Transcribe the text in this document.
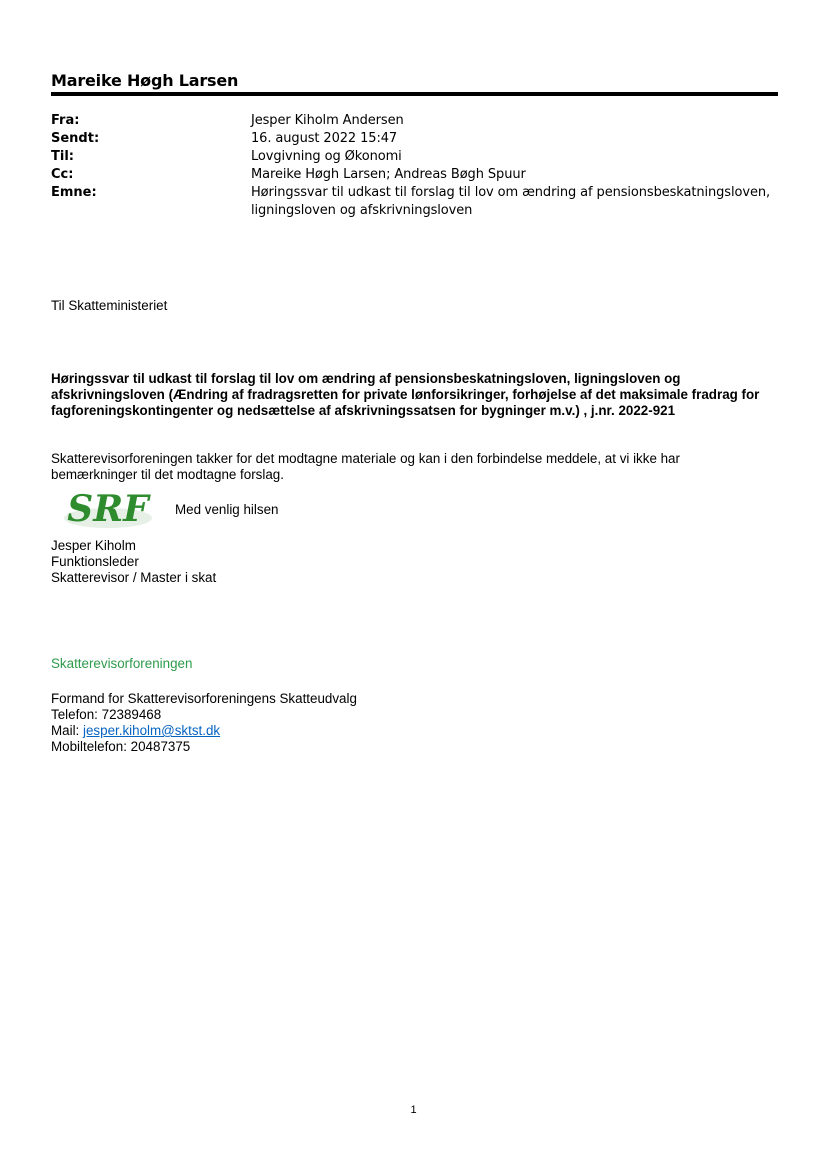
Mareike Høgh Larsen
Fra:	Jesper Kiholm Andersen
Sendt:	16. august 2022 15:47
Til:	Lovgivning og Økonomi
Cc:	Mareike Høgh Larsen; Andreas Bøgh Spuur
Emne:	Høringssvar til udkast til forslag til lov om ændring af pensionsbeskatningsloven, ligningsloven og afskrivningsloven
Til Skatteministeriet
Høringssvar til udkast til forslag til lov om ændring af pensionsbeskatningsloven, ligningsloven og afskrivningsloven (Ændring af fradragsretten for private lønforsikringer, forhøjelse af det maksimale fradrag for fagforeningskontingenter og nedsættelse af afskrivningssatsen for bygninger m.v.) , j.nr. 2022-921
Skatterevisorforeningen takker for det modtagne materiale og kan i den forbindelse meddele, at vi ikke har bemærkninger til det modtagne forslag.
SRF Med venlig hilsen
Jesper Kiholm
Funktionsleder
Skatterevisor / Master i skat
Skatterevisorforeningen
Formand for Skatterevisorforeningens Skatteudvalg
Telefon: 72389468
Mail: jesper.kiholm@sktst.dk
Mobiltelefon: 20487375
1
